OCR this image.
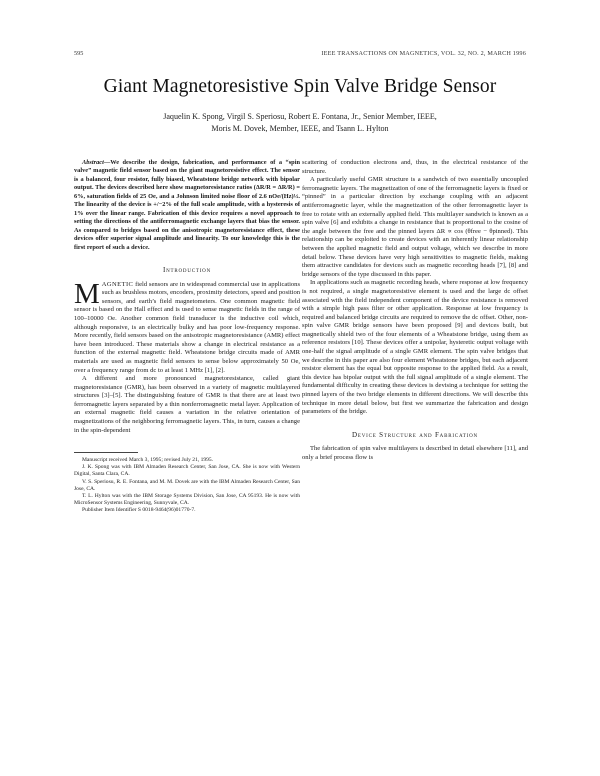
595	IEEE TRANSACTIONS ON MAGNETICS, VOL. 32, NO. 2, MARCH 1996
Giant Magnetoresistive Spin Valve Bridge Sensor
Jaquelin K. Spong, Virgil S. Speriosu, Robert E. Fontana, Jr., Senior Member, IEEE,
Moris M. Dovek, Member, IEEE, and Tsann L. Hylton

Abstract—We describe the design, fabrication, and performance of a “spin valve” magnetic field sensor based on the giant magnetoresistive effect. The sensor is a balanced, four resistor, fully biased, Wheatstone bridge network with bipolar output. The devices described here show magnetoresistance ratios (ΔR/R = ΔR/R) = 6%, saturation fields of 25 Oe, and a Johnson limited noise floor of 2.6 nOe/(Hz)½. The linearity of the device is +/−2% of the full scale amplitude, with a hysteresis of 1% over the linear range. Fabrication of this device requires a novel approach to setting the directions of the antiferromagnetic exchange layers that bias the sensor. As compared to bridges based on the anisotropic magnetoresistance effect, these devices offer superior signal amplitude and linearity. To our knowledge this is the first report of such a device.

Introduction

MAGNETIC field sensors are in widespread commercial use in applications such as brushless motors, encoders, proximity detectors, speed and position sensors, and earth’s field magnetometers. One common magnetic field sensor is based on the Hall effect and is used to sense magnetic fields in the range of 100–10000 Oe. Another common field transducer is the inductive coil which, although responsive, is an electrically bulky and has poor low-frequency response. More recently, field sensors based on the anisotropic magnetoresistance (AMR) effect have been introduced. These materials show a change in electrical resistance as a function of the external magnetic field. Wheatstone bridge circuits made of AMR materials are used as magnetic field sensors to sense below approximately 50 Oe, over a frequency range from dc to at least 1 MHz [1], [2].

A different and more pronounced magnetoresistance, called giant magnetoresistance (GMR), has been observed in a variety of magnetic multilayered structures [3]–[5]. The distinguishing feature of GMR is that there are at least two ferromagnetic layers separated by a thin nonferromagnetic metal layer. Application of an external magnetic field causes a variation in the relative orientation of magnetizations of the neighboring ferromagnetic layers. This, in turn, causes a change in the spin-dependent

Manuscript received March 3, 1995; revised July 21, 1995.

J. K. Spong was with IBM Almaden Research Center, San Jose, CA. She is now with Western Digital, Santa Clara, CA.

V. S. Speriosu, R. E. Fontana, and M. M. Dovek are with the IBM Almaden Research Center, San Jose, CA.

T. L. Hylton was with the IBM Storage Systems Division, San Jose, CA 95193. He is now with MicroSensor Systems Engineering, Sunnyvale, CA.

Publisher Item Identifier S 0018-9464(96)01770-7.

scattering of conduction electrons and, thus, in the electrical resistance of the structure.

A particularly useful GMR structure is a sandwich of two essentially uncoupled ferromagnetic layers. The magnetization of one of the ferromagnetic layers is fixed or “pinned” in a particular direction by exchange coupling with an adjacent antiferromagnetic layer, while the magnetization of the other ferromagnetic layer is free to rotate with an externally applied field. This multilayer sandwich is known as a spin valve [6] and exhibits a change in resistance that is proportional to the cosine of the angle between the free and the pinned layers ΔR ∝ cos (θfree − θpinned). This relationship can be exploited to create devices with an inherently linear relationship between the applied magnetic field and output voltage, which we describe in more detail below. These devices have very high sensitivities to magnetic fields, making them attractive candidates for devices such as magnetic recording heads [7], [8] and bridge sensors of the type discussed in this paper.

In applications such as magnetic recording heads, where response at low frequency is not required, a single magnetoresistive element is used and the large dc offset associated with the field independent component of the device resistance is removed with a simple high pass filter or other application. Response at low frequency is required and balanced bridge circuits are required to remove the dc offset. Other, non-spin valve GMR bridge sensors have been proposed [9] and devices built, but magnetically shield two of the four elements of a Wheatstone bridge, using them as reference resistors [10]. These devices offer a unipolar, hysteretic output voltage with one-half the signal amplitude of a single GMR element. The spin valve bridges that we describe in this paper are also four element Wheatstone bridges, but each adjacent resistor element has the equal but opposite response to the applied field. As a result, this device has bipolar output with the full signal amplitude of a single element. The fundamental difficulty in creating these devices is devising a technique for setting the pinned layers of the two bridge elements in different directions. We will describe this technique in more detail below, but first we summarize the fabrication and design parameters of the bridge.

Device Structure and Fabrication

The fabrication of spin valve multilayers is described in detail elsewhere [11], and only a brief process flow is
